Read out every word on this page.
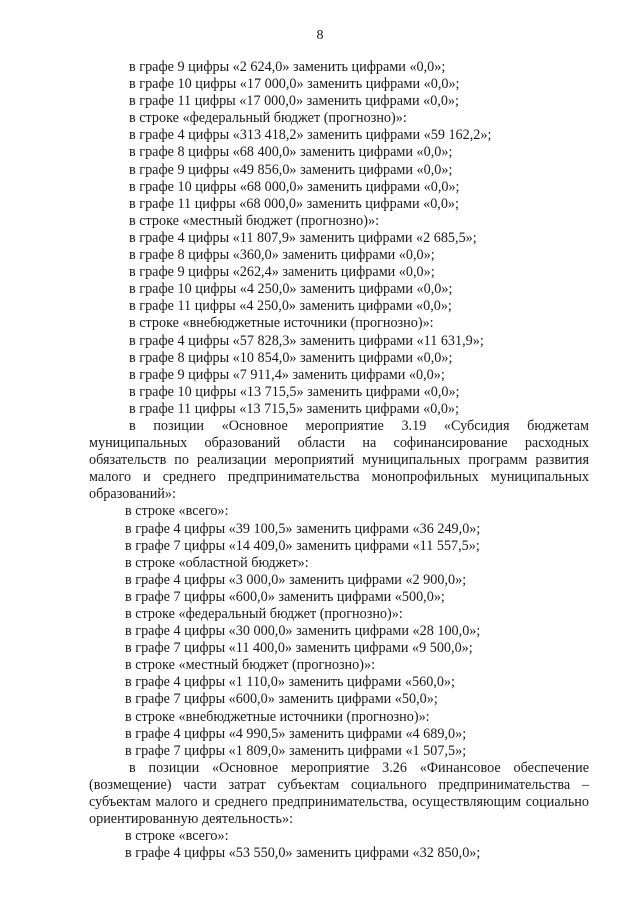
8
в графе 9 цифры «2 624,0» заменить цифрами «0,0»;
в графе 10 цифры «17 000,0» заменить цифрами «0,0»;
в графе 11 цифры «17 000,0» заменить цифрами «0,0»;
в строке «федеральный бюджет (прогнозно)»:
в графе 4 цифры «313 418,2» заменить цифрами «59 162,2»;
в графе 8 цифры «68 400,0» заменить цифрами «0,0»;
в графе 9 цифры «49 856,0» заменить цифрами «0,0»;
в графе 10 цифры «68 000,0» заменить цифрами «0,0»;
в графе 11 цифры «68 000,0» заменить цифрами «0,0»;
в строке «местный бюджет (прогнозно)»:
в графе 4 цифры «11 807,9» заменить цифрами «2 685,5»;
в графе 8 цифры «360,0» заменить цифрами «0,0»;
в графе 9 цифры «262,4» заменить цифрами «0,0»;
в графе 10 цифры «4 250,0» заменить цифрами «0,0»;
в графе 11 цифры «4 250,0» заменить цифрами «0,0»;
в строке «внебюджетные источники (прогнозно)»:
в графе 4 цифры «57 828,3» заменить цифрами «11 631,9»;
в графе 8 цифры «10 854,0» заменить цифрами «0,0»;
в графе 9 цифры «7 911,4» заменить цифрами «0,0»;
в графе 10 цифры «13 715,5» заменить цифрами «0,0»;
в графе 11 цифры «13 715,5» заменить цифрами «0,0»;
в позиции «Основное мероприятие 3.19 «Субсидия бюджетам муниципальных образований области на софинансирование расходных обязательств по реализации мероприятий муниципальных программ развития малого и среднего предпринимательства монопрофильных муниципальных образований»:
в строке «всего»:
в графе 4 цифры «39 100,5» заменить цифрами «36 249,0»;
в графе 7 цифры «14 409,0» заменить цифрами «11 557,5»;
в строке «областной бюджет»:
в графе 4 цифры «3 000,0» заменить цифрами «2 900,0»;
в графе 7 цифры «600,0» заменить цифрами «500,0»;
в строке «федеральный бюджет (прогнозно)»:
в графе 4 цифры «30 000,0» заменить цифрами «28 100,0»;
в графе 7 цифры «11 400,0» заменить цифрами «9 500,0»;
в строке «местный бюджет (прогнозно)»:
в графе 4 цифры «1 110,0» заменить цифрами «560,0»;
в графе 7 цифры «600,0» заменить цифрами «50,0»;
в строке «внебюджетные источники (прогнозно)»:
в графе 4 цифры «4 990,5» заменить цифрами «4 689,0»;
в графе 7 цифры «1 809,0» заменить цифрами «1 507,5»;
в позиции «Основное мероприятие 3.26 «Финансовое обеспечение (возмещение) части затрат субъектам социального предпринимательства – субъектам малого и среднего предпринимательства, осуществляющим социально ориентированную деятельность»:
в строке «всего»:
в графе 4 цифры «53 550,0» заменить цифрами «32 850,0»;
